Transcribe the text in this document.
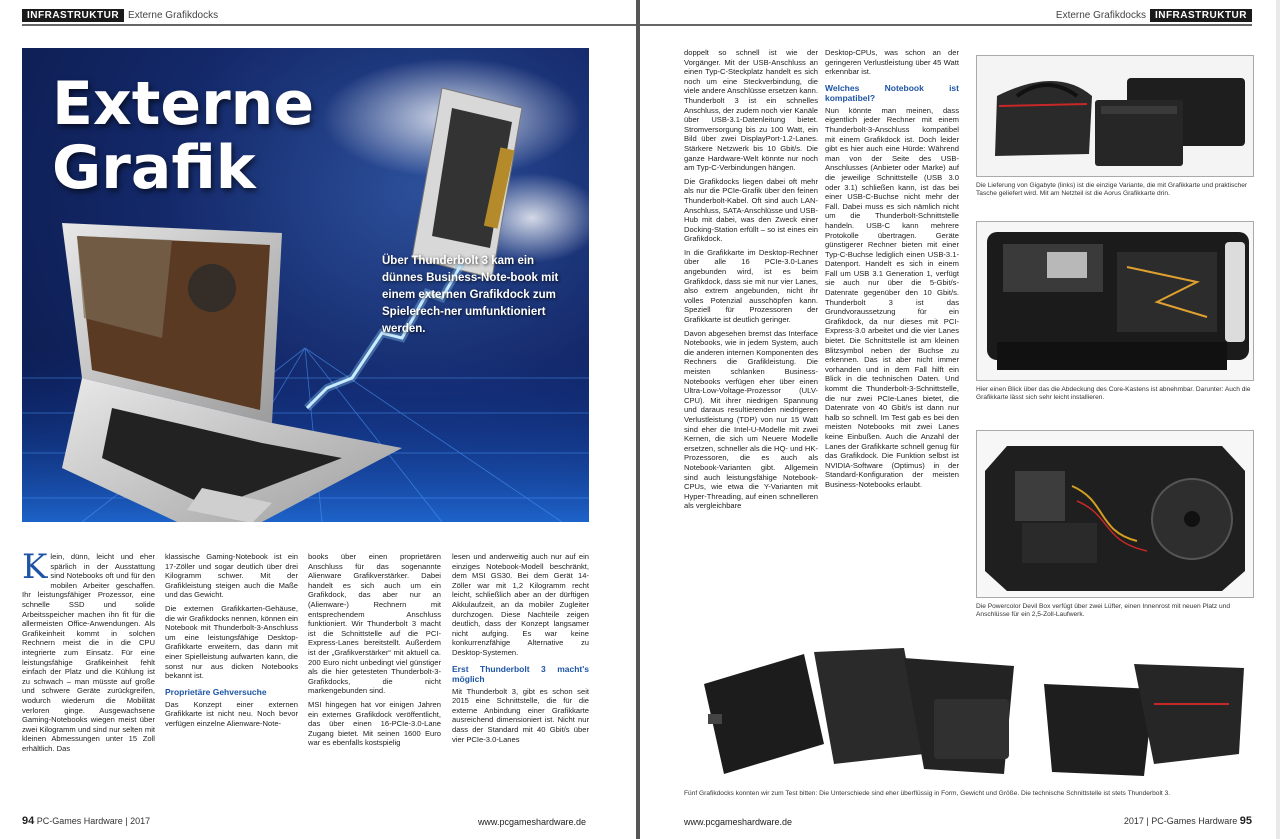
INFRASTRUKTUR Externe Grafikdocks
Externe
Grafik
Über Thunderbolt 3 kam ein dünnes Business-Note-book mit einem externen Grafikdock zum Spielerech-ner umfunktioniert werden.
K lein, dünn, leicht und eher spärlich in der Ausstattung sind Notebooks oft und für den mobilen Arbeiter geschaffen. Ihr leistungsfähiger Prozessor, eine schnelle SSD und solide Arbeitsspeicher machen ihn fit für die allermeisten Office-Anwendungen. Als Grafikeinheit kommt in solchen Rechnern meist die in die CPU integrierte zum Einsatz. Für eine leistungsfähige Grafikeinheit fehlt einfach der Platz und die Kühlung ist zu schwach – man müsste auf große und schwere Geräte zurückgreifen, wodurch wiederum die Mobilität verloren ginge. Ausgewachsene Gaming-Notebooks wiegen meist über zwei Kilogramm und sind nur selten mit kleinen Abmessungen unter 15 Zoll erhältlich. Das

klassische Gaming-Notebook ist ein 17-Zöller und sogar deutlich über drei Kilogramm schwer. Mit der Grafikleistung steigen auch die Maße und das Gewicht.

Die externen Grafikkarten-Gehäuse, die wir Grafikdocks nennen, können ein Notebook mit Thunderbolt-3-Anschluss um eine leistungsfähige Desktop-Grafikkarte erweitern, das dann mit einer Spielleistung aufwarten kann, die sonst nur aus dicken Notebooks bekannt ist.

Proprietäre Gehversuche

Das Konzept einer externen Grafikkarte ist nicht neu. Noch bevor verfügen einzelne Alienware-Note-

books über einen proprietären Anschluss für das sogenannte Alienware Grafikverstärker. Dabei handelt es sich auch um ein Grafikdock, das aber nur an (Alienware-) Rechnern mit entsprechendem Anschluss funktioniert. Wir Thunderbolt 3 macht ist die Schnittstelle auf die PCI-Express-Lanes bereitstellt. Außerdem ist der „Grafikverstärker“ mit aktuell ca. 200 Euro nicht unbedingt viel günstiger als die hier getesteten Thunderbolt-3-Grafikdocks, die nicht markengebunden sind.

MSI hingegen hat vor einigen Jahren ein externes Grafikdock veröffentlicht, das über einen 16-PCIe-3.0-Lane Zugang bietet. Mit seinen 1600 Euro war es ebenfalls kostspielig

lesen und anderweitig auch nur auf ein einziges Notebook-Modell beschränkt, dem MSI GS30. Bei dem Gerät 14-Zöller war mit 1,2 Kilogramm recht leicht, schließlich aber an der dürftigen Akkulaufzeit, an da mobiler Zugleiter durchzogen. Diese Nachteile zeigen deutlich, dass der Konzept langsamer nicht aufging. Es war keine konkurrenzfähige Alternative zu Desktop-Systemen.

Erst Thunderbolt 3 macht's möglich

Mit Thunderbolt 3, gibt es schon seit 2015 eine Schnittstelle, die für die externe Anbindung einer Grafikkarte ausreichend dimensioniert ist. Nicht nur dass der Standard mit 40 Gbit/s über vier PCIe-3.0-Lanes

94 PC-Games Hardware | 2017	www.pcgameshardware.de
Externe Grafikdocks INFRASTRUKTUR

doppelt so schnell ist wie der Vorgänger. Mit der USB-Anschluss an einen Typ-C-Steckplatz handelt es sich noch um eine Steckverbindung, die viele andere Anschlüsse ersetzen kann. Thunderbolt 3 ist ein schnelles Anschluss, der zudem noch vier Kanäle über USB-3.1-Datenleitung bietet. Stromversorgung bis zu 100 Watt, ein Bild über zwei DisplayPort-1.2-Lanes. Stärkere Netzwerk bis 10 Gbit/s. Die ganze Hardware-Welt könnte nur noch am Typ-C-Verbindungen hängen.

Die Grafikdocks liegen dabei oft mehr als nur die PCIe-Grafik über den feinen Thunderbolt-Kabel. Oft sind auch LAN-Anschluss, SATA-Anschlüsse und USB-Hub mit dabei, was den Zweck einer Docking-Station erfüllt – so ist eines ein Grafikdock.

In die Grafikkarte im Desktop-Rechner über alle 16 PCIe-3.0-Lanes angebunden wird, ist es beim Grafikdock, dass sie mit nur vier Lanes, also extrem angebunden, nicht ihr volles Potenzial ausschöpfen kann. Speziell für Prozessoren der Grafikkarte ist deutlich geringer.

Davon abgesehen bremst das Interface Notebooks, wie in jedem System, auch die anderen internen Komponenten des Rechners die Grafikleistung. Die meisten schlanken Business-Notebooks verfügen eher über einen Ultra-Low-Voltage-Prozessor (ULV-CPU). Mit ihrer niedrigen Spannung und daraus resultierenden niedrigeren Verlustleistung (TDP) von nur 15 Watt sind eher die Intel-U-Modelle mit zwei Kernen, die sich um Neuere Modelle ersetzen, schneller als die HQ- und HK-Prozessoren, die es auch als Notebook-Varianten gibt. Allgemein sind auch leistungsfähige Notebook-CPUs, wie etwa die Y-Varianten mit Hyper-Threading, auf einen schnelleren als vergleichbare

Desktop-CPUs, was schon an der geringeren Verlustleistung über 45 Watt erkennbar ist.

Welches Notebook ist kompatibel?

Nun könnte man meinen, dass eigentlich jeder Rechner mit einem Thunderbolt-3-Anschluss kompatibel mit einem Grafikdock ist. Doch leider gibt es hier auch eine Hürde: Während man von der Seite des USB-Anschlusses (Anbieter oder Marke) auf die jeweilige Schnittstelle (USB 3.0 oder 3.1) schließen kann, ist das bei einer USB-C-Buchse nicht mehr der Fall. Dabei muss es sich nämlich nicht um die Thunderbolt-Schnittstelle handeln. USB-C kann mehrere Protokolle übertragen. Geräte günstigerer Rechner bieten mit einer Typ-C-Buchse lediglich einen USB-3.1-Datenport. Handelt es sich in einem Fall um USB 3.1 Generation 1, verfügt sie auch nur über die 5-Gbit/s-Datenrate gegenüber den 10 Gbit/s. Thunderbolt 3 ist das Grundvoraussetzung für ein Grafikdock, da nur dieses mit PCI-Express-3.0 arbeitet und die vier Lanes bietet. Die Schnittstelle ist am kleinen Blitzsymbol neben der Buchse zu erkennen. Das ist aber nicht immer vorhanden und in dem Fall hilft ein Blick in die technischen Daten. Und kommt die Thunderbolt-3-Schnittstelle, die nur zwei PCIe-Lanes bietet, die Datenrate von 40 Gbit/s ist dann nur halb so schnell. Im Test gab es bei den meisten Notebooks mit zwei Lanes keine Einbußen. Auch die Anzahl der Lanes der Grafikkarte schnell genug für das Grafikdock. Die Funktion selbst ist NVIDIA-Software (Optimus) in der Standard-Konfiguration der meisten Business-Notebooks erlaubt.

Die Lieferung von Gigabyte (links) ist die einzige Variante, die mit Grafikkarte und praktischer Tasche geliefert wird. Mit am Netzteil ist die Aorus Grafikkarte drin.
Hier einen Blick über das die Abdeckung des Core-Kastens ist abnehmbar. Darunter: Auch die Grafikkarte lässt sich sehr leicht installieren.
Die Powercolor Devil Box verfügt über zwei Lüfter, einen Innenrost mit neuen Platz und Anschlüsse für ein 2,5-Zoll-Laufwerk.
Fünf Grafikdocks konnten wir zum Test bitten: Die Unterschiede sind eher überflüssig in Form, Gewicht und Größe. Die technische Schnittstelle ist stets Thunderbolt 3.
www.pcgameshardware.de	2017 | PC-Games Hardware 95
